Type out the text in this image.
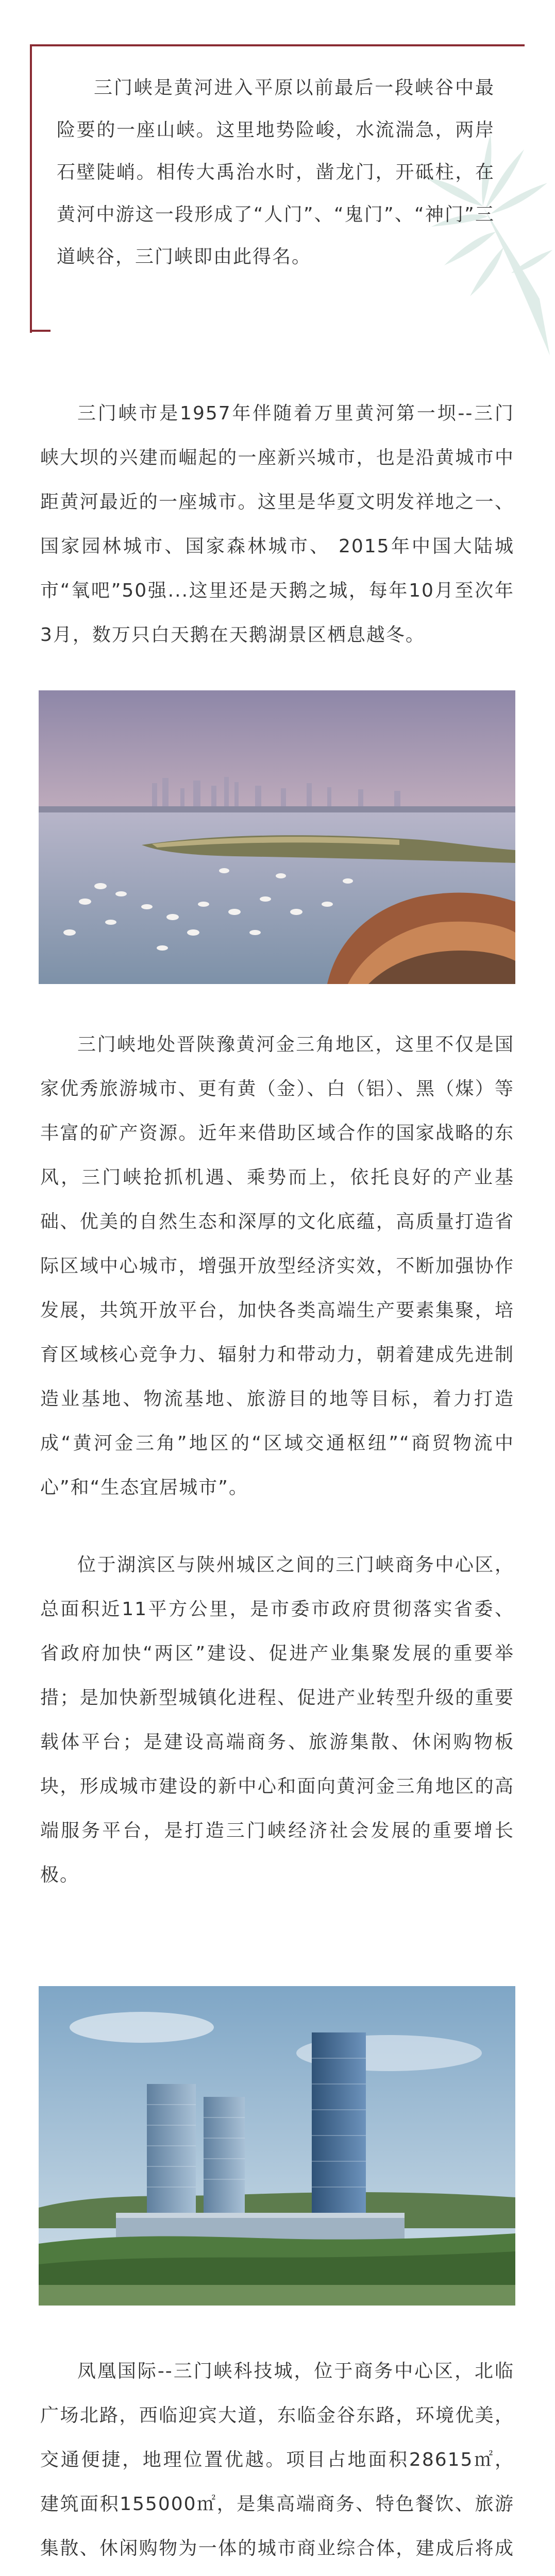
三门峡是黄河进入平原以前最后一段峡谷中最险要的一座山峡。这里地势险峻，水流湍急，两岸石壁陡峭。相传大禹治水时，凿龙门，开砥柱，在黄河中游这一段形成了“人门”、“鬼门”、“神门”三道峡谷，三门峡即由此得名。
三门峡市是1957年伴随着万里黄河第一坝--三门峡大坝的兴建而崛起的一座新兴城市，也是沿黄城市中距黄河最近的一座城市。这里是华夏文明发祥地之一、国家园林城市、国家森林城市、 2015年中国大陆城市“氧吧”50强...这里还是天鹅之城，每年10月至次年3月，数万只白天鹅在天鹅湖景区栖息越冬。
三门峡地处晋陕豫黄河金三角地区，这里不仅是国家优秀旅游城市、更有黄（金）、白（铝）、黑（煤）等丰富的矿产资源。近年来借助区域合作的国家战略的东风，三门峡抢抓机遇、乘势而上，依托良好的产业基础、优美的自然生态和深厚的文化底蕴，高质量打造省际区域中心城市，增强开放型经济实效，不断加强协作发展，共筑开放平台，加快各类高端生产要素集聚，培育区域核心竞争力、辐射力和带动力，朝着建成先进制造业基地、物流基地、旅游目的地等目标，着力打造成“黄河金三角”地区的“区域交通枢纽”“商贸物流中心”和“生态宜居城市”。
位于湖滨区与陕州城区之间的三门峡商务中心区，总面积近11平方公里，是市委市政府贯彻落实省委、省政府加快“两区”建设、促进产业集聚发展的重要举措；是加快新型城镇化进程、促进产业转型升级的重要载体平台；是建设高端商务、旅游集散、休闲购物板块，形成城市建设的新中心和面向黄河金三角地区的高端服务平台，是打造三门峡经济社会发展的重要增长极。
凤凰国际--三门峡科技城，位于商务中心区，北临广场北路，西临迎宾大道，东临金谷东路，环境优美，交通便捷，地理位置优越。项目占地面积28615㎡，建筑面积155000㎡，是集高端商务、特色餐饮、旅游集散、休闲购物为一体的城市商业综合体，建成后将成
